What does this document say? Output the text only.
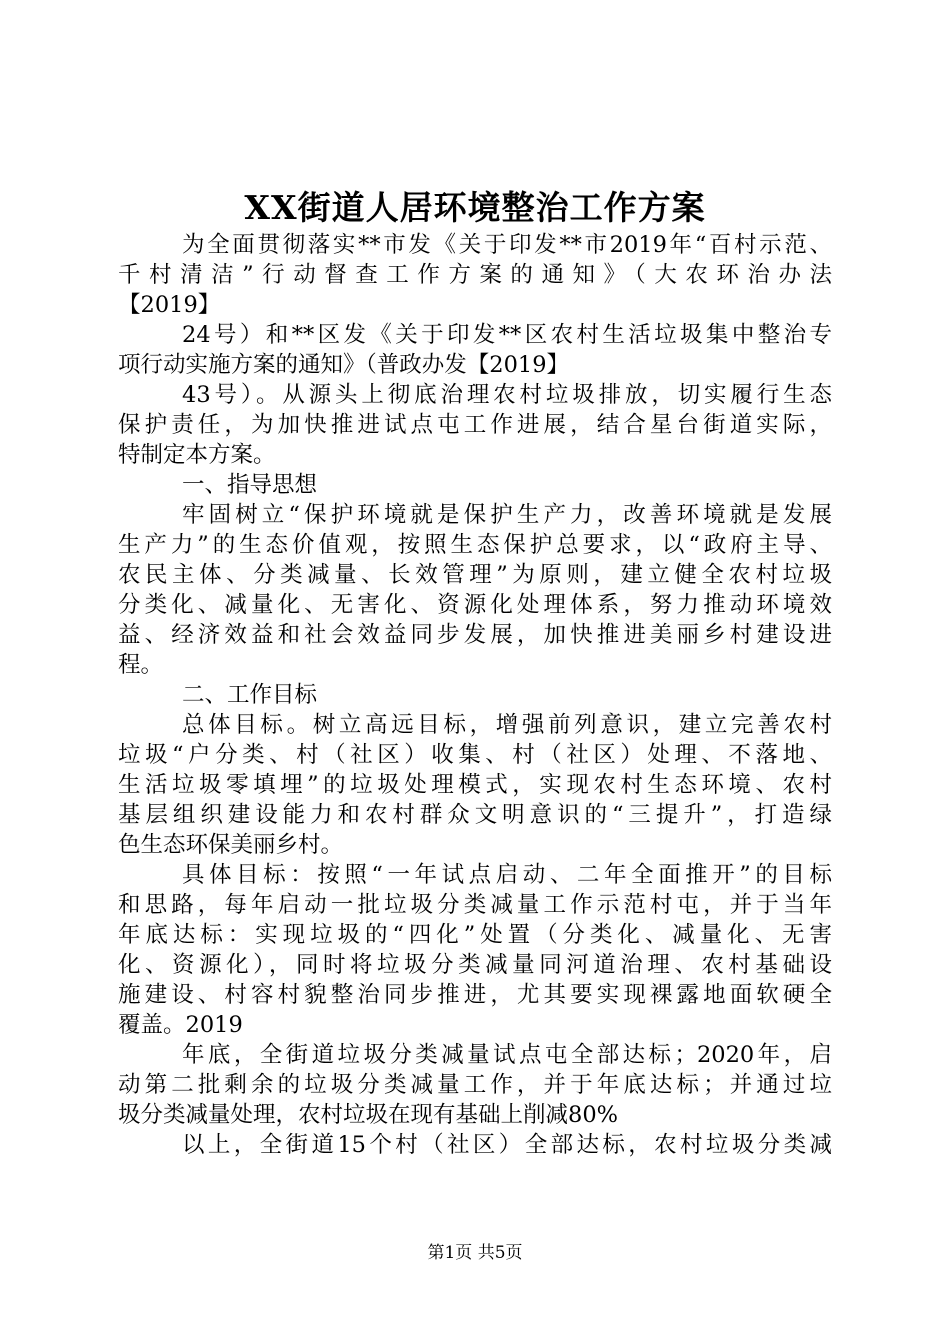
XX街道人居环境整治工作方案
为全面贯彻落实**市发《关于印发**市2019年“百村示范、
千村清洁”行动督查工作方案的通知》（大农环治办法
【2019】
24号）和**区发《关于印发**区农村生活垃圾集中整治专
项行动实施方案的通知》（普政办发【2019】
43号）。从源头上彻底治理农村垃圾排放，切实履行生态
保护责任，为加快推进试点屯工作进展，结合星台街道实际，
特制定本方案。
一、指导思想
牢固树立“保护环境就是保护生产力，改善环境就是发展
生产力”的生态价值观，按照生态保护总要求，以“政府主导、
农民主体、分类减量、长效管理”为原则，建立健全农村垃圾
分类化、减量化、无害化、资源化处理体系，努力推动环境效
益、经济效益和社会效益同步发展，加快推进美丽乡村建设进
程。
二、工作目标
总体目标。树立高远目标，增强前列意识，建立完善农村
垃圾“户分类、村（社区）收集、村（社区）处理、不落地、
生活垃圾零填埋”的垃圾处理模式，实现农村生态环境、农村
基层组织建设能力和农村群众文明意识的“三提升”，打造绿
色生态环保美丽乡村。
具体目标：按照“一年试点启动、二年全面推开”的目标
和思路，每年启动一批垃圾分类减量工作示范村屯，并于当年
年底达标：实现垃圾的“四化”处置（分类化、减量化、无害
化、资源化），同时将垃圾分类减量同河道治理、农村基础设
施建设、村容村貌整治同步推进，尤其要实现裸露地面软硬全
覆盖。2019
年底，全街道垃圾分类减量试点屯全部达标；2020年，启
动第二批剩余的垃圾分类减量工作，并于年底达标；并通过垃
圾分类减量处理，农村垃圾在现有基础上削减80%
以上，全街道15个村（社区）全部达标，农村垃圾分类减
第1页 共5页
